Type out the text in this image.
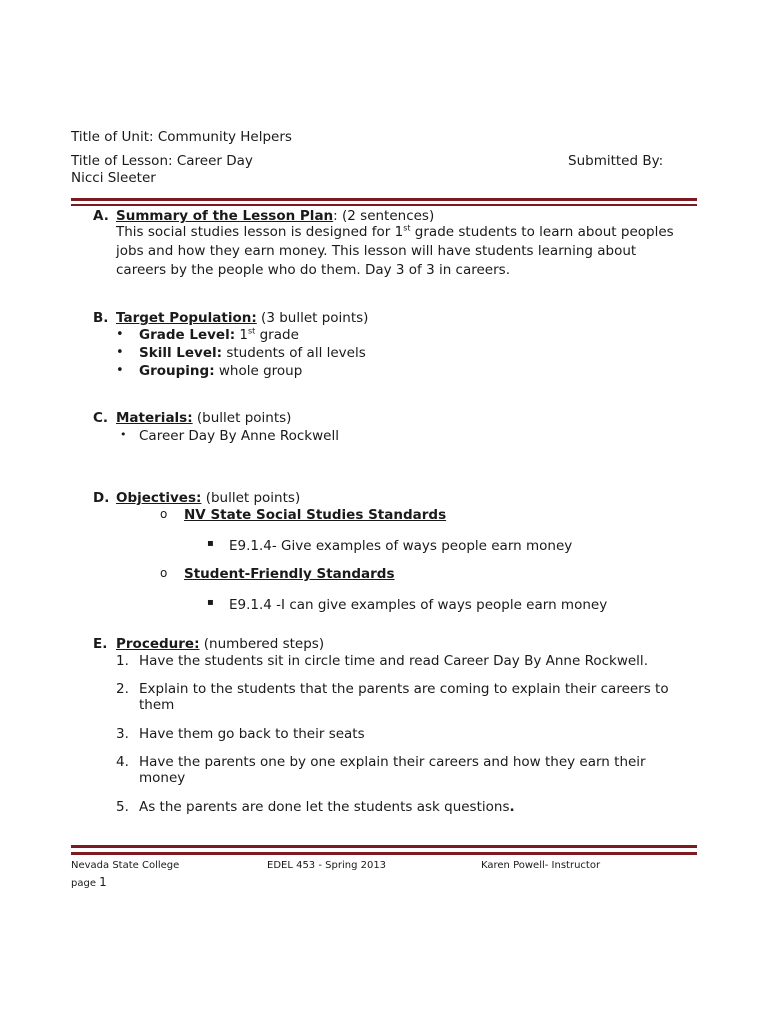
Title of Unit: Community Helpers
Title of Lesson: Career Day	Submitted By:
Nicci Sleeter
A. Summary of the Lesson Plan: (2 sentences)
This social studies lesson is designed for 1st grade students to learn about peoples
jobs and how they earn money. This lesson will have students learning about
careers by the people who do them. Day 3 of 3 in careers.
B. Target Population: (3 bullet points)
• Grade Level: 1st grade
• Skill Level: students of all levels
• Grouping: whole group
C. Materials: (bullet points)
• Career Day By Anne Rockwell
D. Objectives: (bullet points)
o NV State Social Studies Standards
▪ E9.1.4- Give examples of ways people earn money
o Student-Friendly Standards
▪ E9.1.4 -I can give examples of ways people earn money
E. Procedure: (numbered steps)
1. Have the students sit in circle time and read Career Day By Anne Rockwell.
2. Explain to the students that the parents are coming to explain their careers to
them
3. Have them go back to their seats
4. Have the parents one by one explain their careers and how they earn their
money
5. As the parents are done let the students ask questions.
Nevada State College	EDEL 453 - Spring 2013	Karen Powell- Instructor
page 1
